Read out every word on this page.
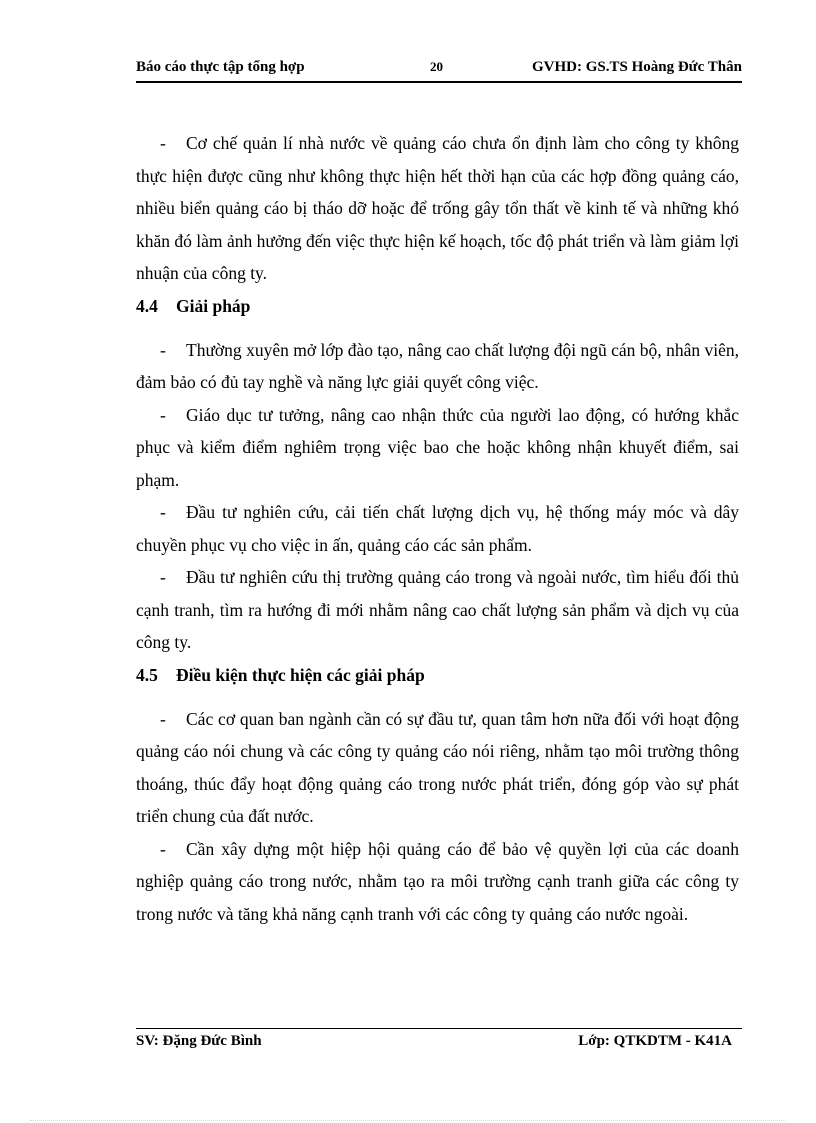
Báo cáo thực tập tổng hợp	20	GVHD: GS.TS Hoàng Đức Thân

- Cơ chế quản lí nhà nước về quảng cáo chưa ổn định làm cho công ty không thực hiện được cũng như không thực hiện hết thời hạn của các hợp đồng quảng cáo, nhiều biển quảng cáo bị tháo dỡ hoặc để trống gây tổn thất về kinh tế và những khó khăn đó làm ảnh hưởng đến việc thực hiện kế hoạch, tốc độ phát triển và làm giảm lợi nhuận của công ty.

4.4 Giải pháp

- Thường xuyên mở lớp đào tạo, nâng cao chất lượng đội ngũ cán bộ, nhân viên, đảm bảo có đủ tay nghề và năng lực giải quyết công việc.

- Giáo dục tư tưởng, nâng cao nhận thức của người lao động, có hướng khắc phục và kiểm điểm nghiêm trọng việc bao che hoặc không nhận khuyết điểm, sai phạm.

- Đầu tư nghiên cứu, cải tiến chất lượng dịch vụ, hệ thống máy móc và dây chuyền phục vụ cho việc in ấn, quảng cáo các sản phẩm.

- Đầu tư nghiên cứu thị trường quảng cáo trong và ngoài nước, tìm hiểu đối thủ cạnh tranh, tìm ra hướng đi mới nhằm nâng cao chất lượng sản phẩm và dịch vụ của công ty.

4.5 Điều kiện thực hiện các giải pháp

- Các cơ quan ban ngành cần có sự đầu tư, quan tâm hơn nữa đối với hoạt động quảng cáo nói chung và các công ty quảng cáo nói riêng, nhằm tạo môi trường thông thoáng, thúc đẩy hoạt động quảng cáo trong nước phát triển, đóng góp vào sự phát triển chung của đất nước.

- Cần xây dựng một hiệp hội quảng cáo để bảo vệ quyền lợi của các doanh nghiệp quảng cáo trong nước, nhằm tạo ra môi trường cạnh tranh giữa các công ty trong nước và tăng khả năng cạnh tranh với các công ty quảng cáo nước ngoài.

SV: Đặng Đức Bình	Lớp: QTKDTM - K41A
